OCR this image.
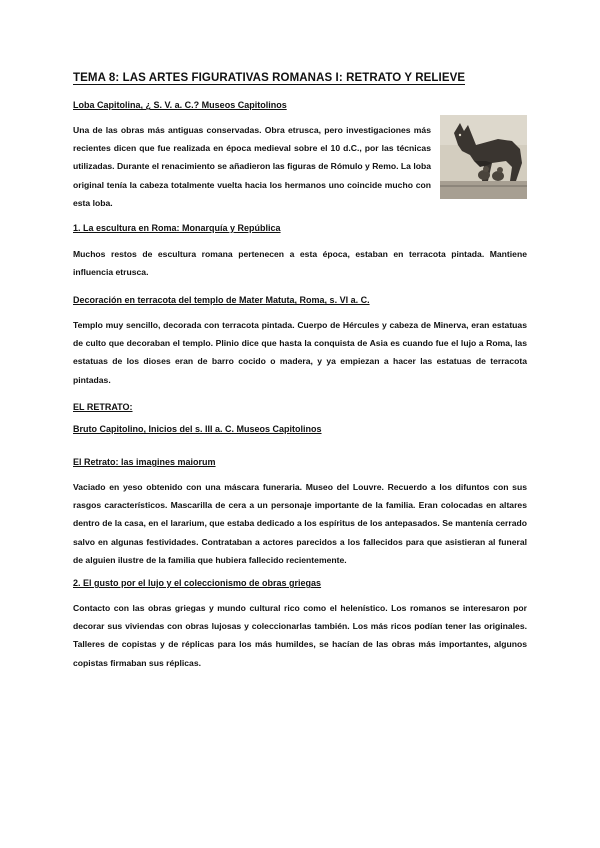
TEMA 8: LAS ARTES FIGURATIVAS ROMANAS I: RETRATO Y RELIEVE
Loba Capitolina, ¿ S. V. a. C.? Museos Capitolinos

Una de las obras más antiguas conservadas. Obra etrusca, pero investigaciones más recientes dicen que fue realizada en época medieval sobre el 10 d.C., por las técnicas utilizadas. Durante el renacimiento se añadieron las figuras de Rómulo y Remo. La loba original tenía la cabeza totalmente vuelta hacia los hermanos uno coincide mucho con esta loba.

1. La escultura en Roma: Monarquía y República

Muchos restos de escultura romana pertenecen a esta época, estaban en terracota pintada. Mantiene influencia etrusca.

Decoración en terracota del templo de Mater Matuta, Roma, s. VI a. C.

Templo muy sencillo, decorada con terracota pintada. Cuerpo de Hércules y cabeza de Minerva, eran estatuas de culto que decoraban el templo. Plinio dice que hasta la conquista de Asia es cuando fue el lujo a Roma, las estatuas de los dioses eran de barro cocido o madera, y ya empiezan a hacer las estatuas de terracota pintadas.

EL RETRATO:
Bruto Capitolino, Inicios del s. III a. C. Museos Capitolinos
El Retrato: las imagines maiorum

Vaciado en yeso obtenido con una máscara funeraria. Museo del Louvre. Recuerdo a los difuntos con sus rasgos característicos. Mascarilla de cera a un personaje importante de la familia. Eran colocadas en altares dentro de la casa, en el lararium, que estaba dedicado a los espíritus de los antepasados. Se mantenía cerrado salvo en algunas festividades. Contrataban a actores parecidos a los fallecidos para que asistieran al funeral de alguien ilustre de la familia que hubiera fallecido recientemente.

2. El gusto por el lujo y el coleccionismo de obras griegas

Contacto con las obras griegas y mundo cultural rico como el helenístico. Los romanos se interesaron por decorar sus viviendas con obras lujosas y coleccionarlas también. Los más ricos podían tener las originales. Talleres de copistas y de réplicas para los más humildes, se hacían de las obras más importantes, algunos copistas firmaban sus réplicas.
